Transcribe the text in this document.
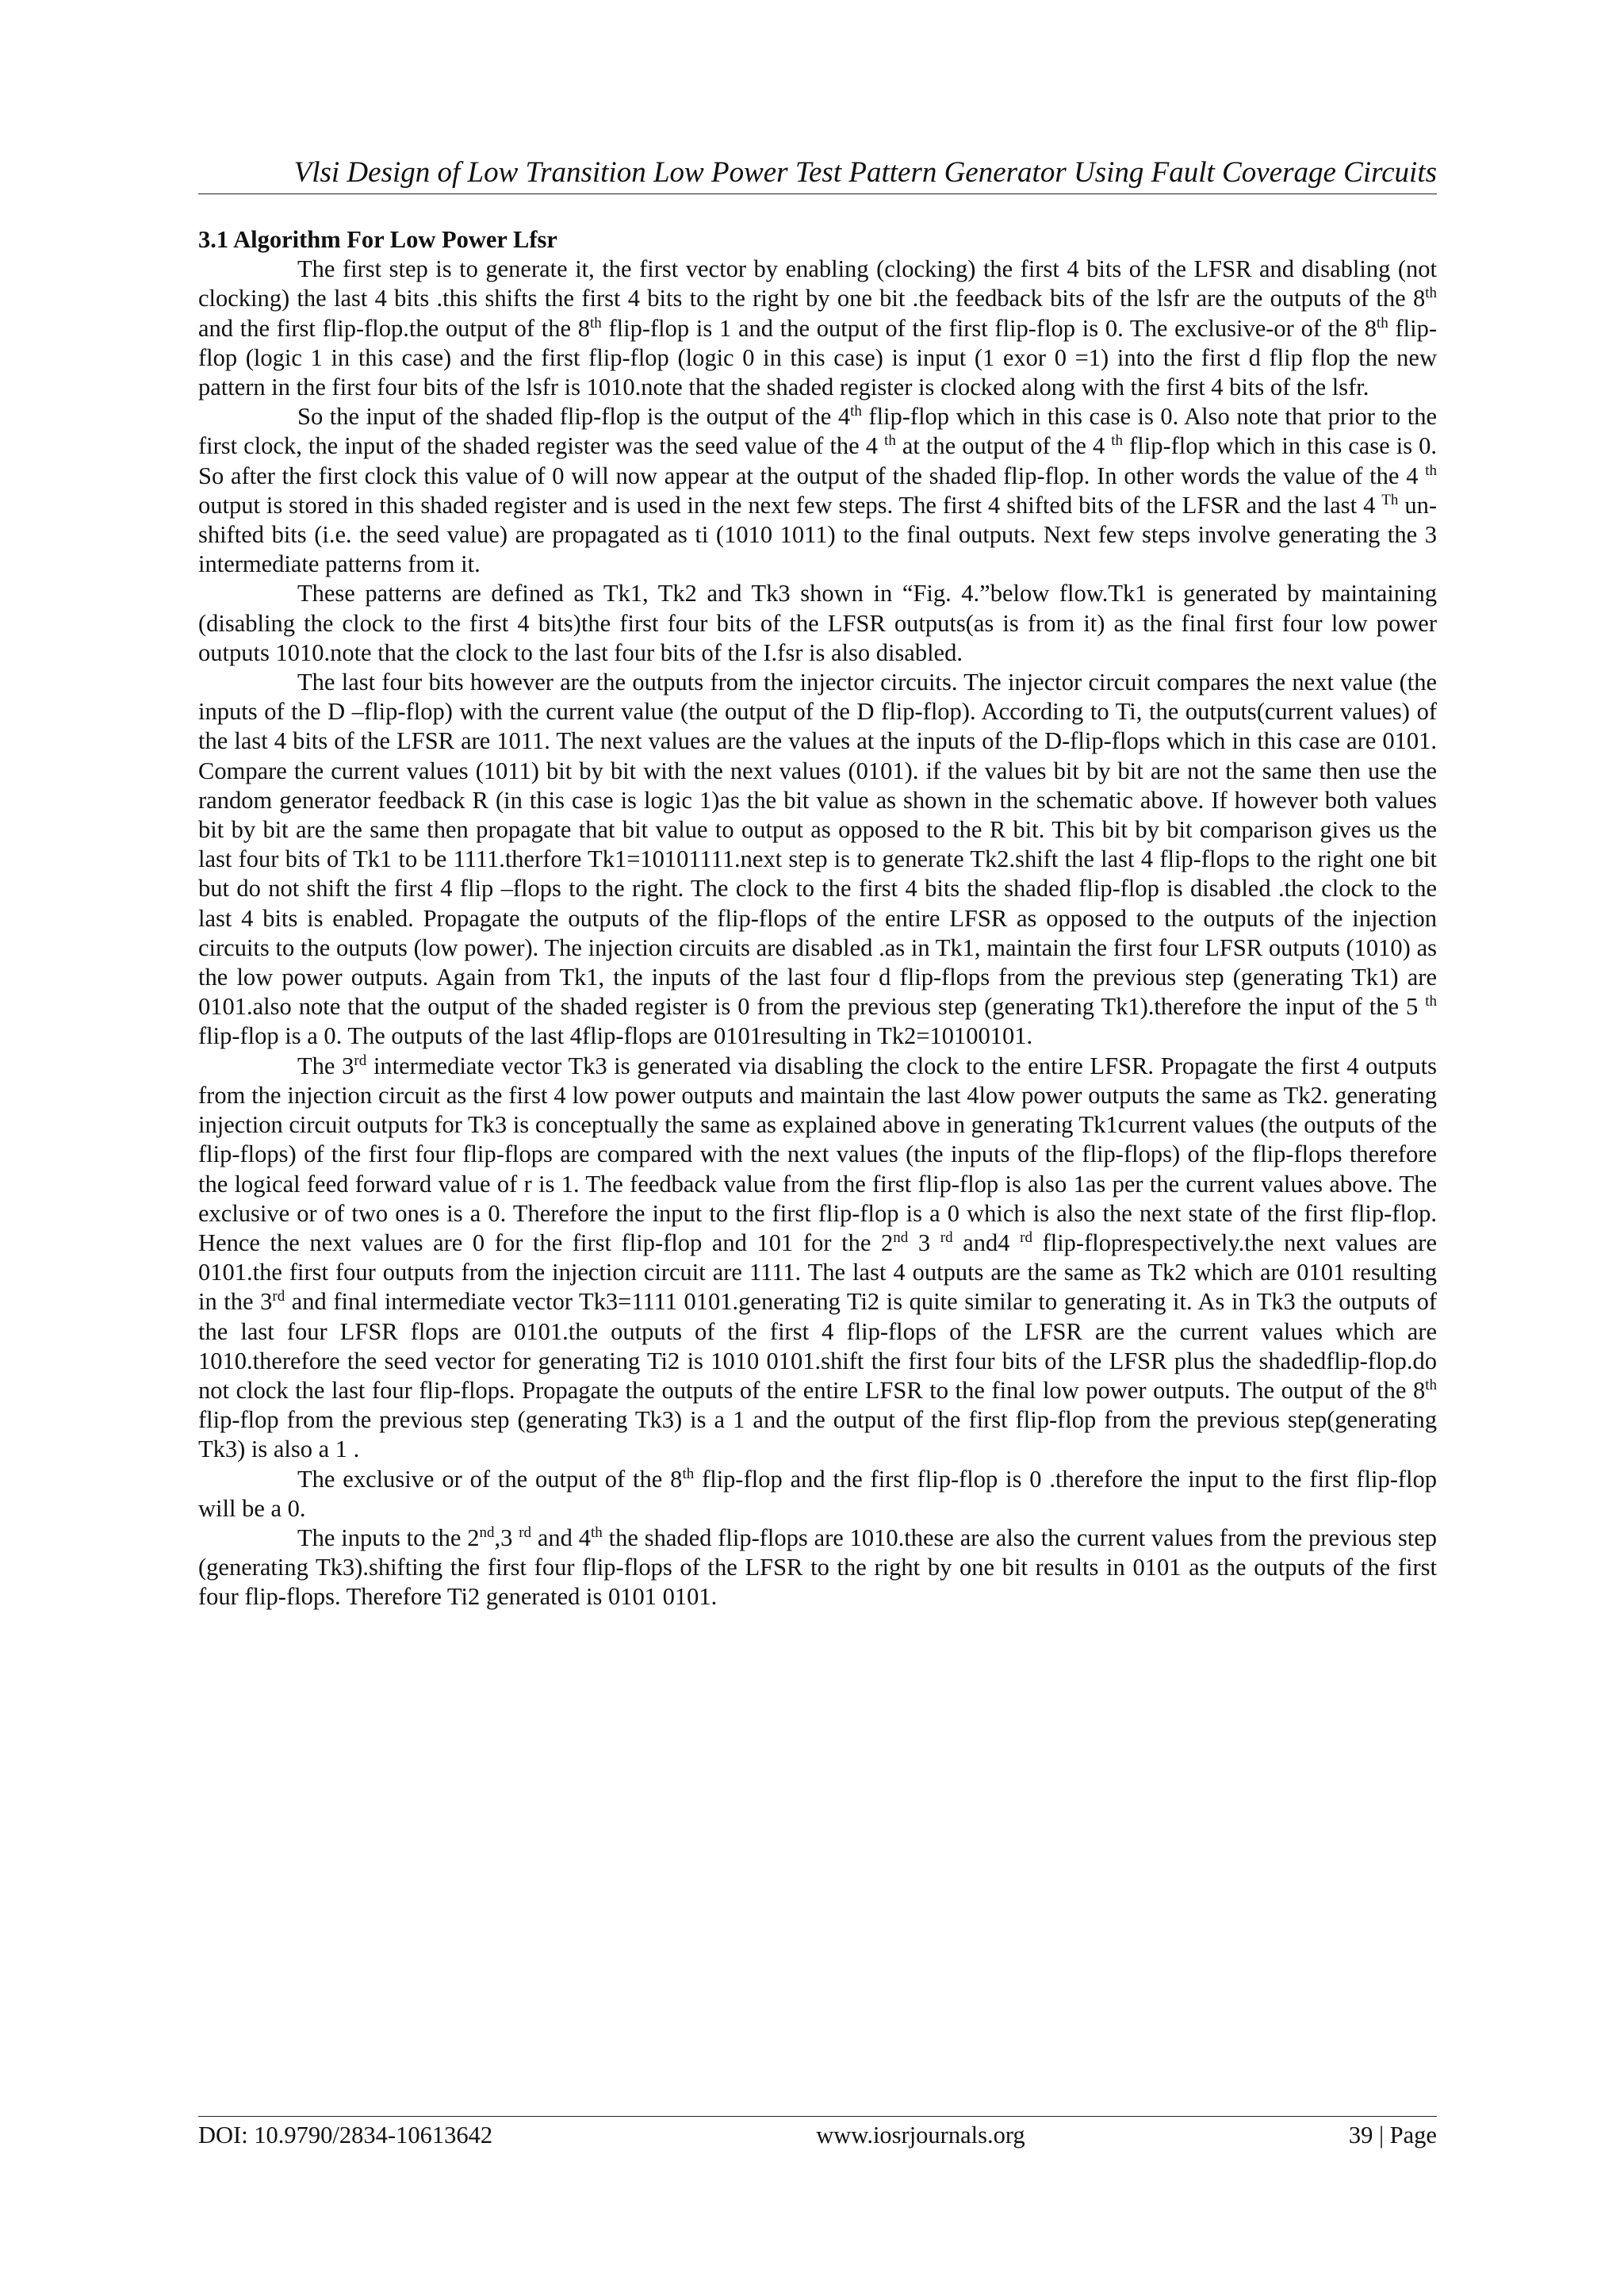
Vlsi Design of Low Transition Low Power Test Pattern Generator Using Fault Coverage Circuits
3.1 Algorithm For Low Power Lfsr

The first step is to generate it, the first vector by enabling (clocking) the first 4 bits of the LFSR and disabling (not clocking) the last 4 bits .this shifts the first 4 bits to the right by one bit .the feedback bits of the lsfr are the outputs of the 8th and the first flip-flop.the output of the 8th flip-flop is 1 and the output of the first flip-flop is 0. The exclusive-or of the 8th flip-flop (logic 1 in this case) and the first flip-flop (logic 0 in this case) is input (1 exor 0 =1) into the first d flip flop the new pattern in the first four bits of the lsfr is 1010.note that the shaded register is clocked along with the first 4 bits of the lsfr.

So the input of the shaded flip-flop is the output of the 4th flip-flop which in this case is 0. Also note that prior to the first clock, the input of the shaded register was the seed value of the 4 $^{th}$ at the output of the 4 $^{th}$ flip-flop which in this case is 0. So after the first clock this value of 0 will now appear at the output of the shaded flip-flop. In other words the value of the 4 $^{th}$ output is stored in this shaded register and is used in the next few steps. The first 4 shifted bits of the LFSR and the last 4 $^{Th}$ un-shifted bits (i.e. the seed value) are propagated as ti (1010 1011) to the final outputs. Next few steps involve generating the 3 intermediate patterns from it.

These patterns are defined as Tk1, Tk2 and Tk3 shown in “Fig. 4.”below flow.Tk1 is generated by maintaining (disabling the clock to the first 4 bits)the first four bits of the LFSR outputs(as is from it) as the final first four low power outputs 1010.note that the clock to the last four bits of the I.fsr is also disabled.

The last four bits however are the outputs from the injector circuits. The injector circuit compares the next value (the inputs of the D –flip-flop) with the current value (the output of the D flip-flop). According to Ti, the outputs(current values) of the last 4 bits of the LFSR are 1011. The next values are the values at the inputs of the D-flip-flops which in this case are 0101. Compare the current values (1011) bit by bit with the next values (0101). if the values bit by bit are not the same then use the random generator feedback R (in this case is logic 1)as the bit value as shown in the schematic above. If however both values bit by bit are the same then propagate that bit value to output as opposed to the R bit. This bit by bit comparison gives us the last four bits of Tk1 to be 1111.therfore Tk1=10101111.next step is to generate Tk2.shift the last 4 flip-flops to the right one bit but do not shift the first 4 flip –flops to the right. The clock to the first 4 bits the shaded flip-flop is disabled .the clock to the last 4 bits is enabled. Propagate the outputs of the flip-flops of the entire LFSR as opposed to the outputs of the injection circuits to the outputs (low power). The injection circuits are disabled .as in Tk1, maintain the first four LFSR outputs (1010) as the low power outputs. Again from Tk1, the inputs of the last four d flip-flops from the previous step (generating Tk1) are 0101.also note that the output of the shaded register is 0 from the previous step (generating Tk1).therefore the input of the 5 $^{th}$ flip-flop is a 0. The outputs of the last 4flip-flops are 0101resulting in Tk2=10100101.

The 3rd intermediate vector Tk3 is generated via disabling the clock to the entire LFSR. Propagate the first 4 outputs from the injection circuit as the first 4 low power outputs and maintain the last 4low power outputs the same as Tk2. generating injection circuit outputs for Tk3 is conceptually the same as explained above in generating Tk1current values (the outputs of the flip-flops) of the first four flip-flops are compared with the next values (the inputs of the flip-flops) of the flip-flops therefore the logical feed forward value of r is 1. The feedback value from the first flip-flop is also 1as per the current values above. The exclusive or of two ones is a 0. Therefore the input to the first flip-flop is a 0 which is also the next state of the first flip-flop. Hence the next values are 0 for the first flip-flop and 101 for the 2nd 3 $^{rd}$ and4 $^{rd}$ flip-floprespectively.the next values are 0101.the first four outputs from the injection circuit are 1111. The last 4 outputs are the same as Tk2 which are 0101 resulting in the 3rd and final intermediate vector Tk3=1111 0101.generating Ti2 is quite similar to generating it. As in Tk3 the outputs of the last four LFSR flops are 0101.the outputs of the first 4 flip-flops of the LFSR are the current values which are 1010.therefore the seed vector for generating Ti2 is 1010 0101.shift the first four bits of the LFSR plus the shadedflip-flop.do not clock the last four flip-flops. Propagate the outputs of the entire LFSR to the final low power outputs. The output of the 8th flip-flop from the previous step (generating Tk3) is a 1 and the output of the first flip-flop from the previous step(generating Tk3) is also a 1 .

The exclusive or of the output of the 8th flip-flop and the first flip-flop is 0 .therefore the input to the first flip-flop will be a 0.

The inputs to the 2nd,3 $^{rd}$ and 4th the shaded flip-flops are 1010.these are also the current values from the previous step (generating Tk3).shifting the first four flip-flops of the LFSR to the right by one bit results in 0101 as the outputs of the first four flip-flops. Therefore Ti2 generated is 0101 0101.

DOI: 10.9790/2834-10613642	www.iosrjournals.org	39 | Page
